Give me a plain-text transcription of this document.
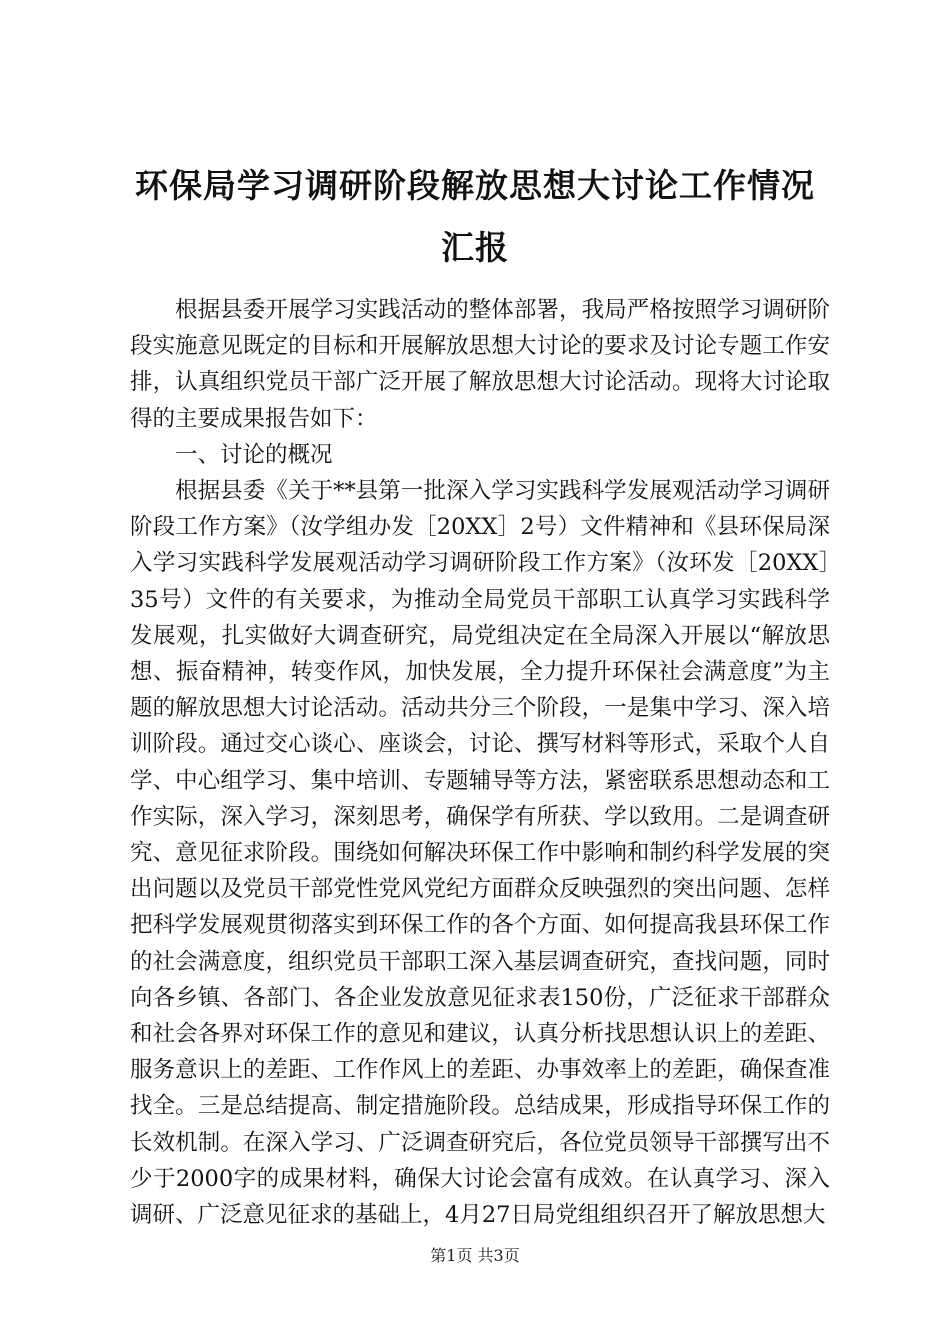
环保局学习调研阶段解放思想大讨论工作情况
汇报

根据县委开展学习实践活动的整体部署，我局严格按照学习调研阶段实施意见既定的目标和开展解放思想大讨论的要求及讨论专题工作安排，认真组织党员干部广泛开展了解放思想大讨论活动。现将大讨论取得的主要成果报告如下：

一、讨论的概况

根据县委《关于**县第一批深入学习实践科学发展观活动学习调研阶段工作方案》（汝学组办发［20XX］2号）文件精神和《县环保局深入学习实践科学发展观活动学习调研阶段工作方案》（汝环发［20XX］35号）文件的有关要求，为推动全局党员干部职工认真学习实践科学发展观，扎实做好大调查研究，局党组决定在全局深入开展以“解放思想、振奋精神，转变作风，加快发展，全力提升环保社会满意度”为主题的解放思想大讨论活动。活动共分三个阶段，一是集中学习、深入培训阶段。通过交心谈心、座谈会，讨论、撰写材料等形式，采取个人自学、中心组学习、集中培训、专题辅导等方法，紧密联系思想动态和工作实际，深入学习，深刻思考，确保学有所获、学以致用。二是调查研究、意见征求阶段。围绕如何解决环保工作中影响和制约科学发展的突出问题以及党员干部党性党风党纪方面群众反映强烈的突出问题、怎样把科学发展观贯彻落实到环保工作的各个方面、如何提高我县环保工作的社会满意度，组织党员干部职工深入基层调查研究，查找问题，同时向各乡镇、各部门、各企业发放意见征求表150份，广泛征求干部群众和社会各界对环保工作的意见和建议，认真分析找思想认识上的差距、服务意识上的差距、工作作风上的差距、办事效率上的差距，确保查准找全。三是总结提高、制定措施阶段。总结成果，形成指导环保工作的长效机制。在深入学习、广泛调查研究后，各位党员领导干部撰写出不少于2000字的成果材料，确保大讨论会富有成效。在认真学习、深入调研、广泛意见征求的基础上，4月27日局党组组织召开了解放思想大

第1页 共3页
